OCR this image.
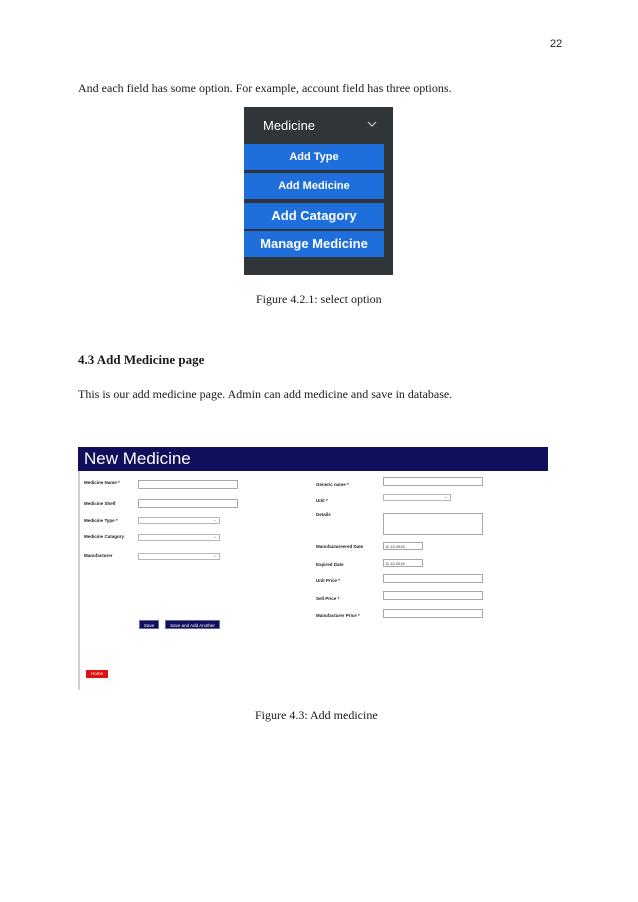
22
And each field has some option. For example, account field has three options.
Medicine
Add Type
Add Medicine
Add Catagory
Manage Medicine
Figure 4.2.1: select option
4.3 Add Medicine page
This is our add medicine page. Admin can add medicine and save in database.
New Medicine
Medicine Name *
Medicine Shelf
Medicine Type *	⌄
Medicine Catagory	⌄
Manufacturer	⌄
Save	Save and Add Another
Home
Generic name *
Unit *
⌄
Details
Manufactureered Date	11.10.2016
Expired Date	11.10.2016
Unit Price *
Sell Price *
Manufacturer Price *
Figure 4.3: Add medicine
